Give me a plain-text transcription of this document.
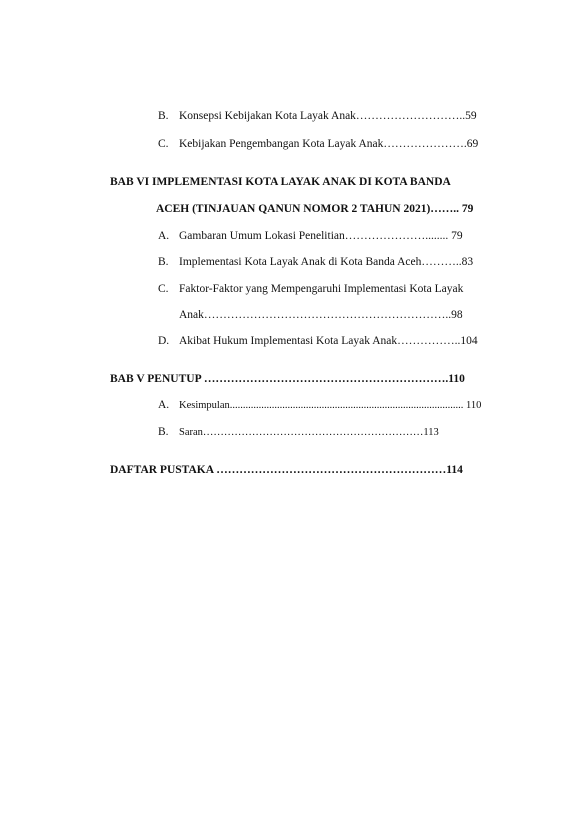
B. Konsepsi Kebijakan Kota Layak Anak………………………..59
C. Kebijakan Pengembangan Kota Layak Anak………………….69
BAB VI IMPLEMENTASI KOTA LAYAK ANAK DI KOTA BANDA
ACEH (TINJAUAN QANUN NOMOR 2 TAHUN 2021)…….. 79
A. Gambaran Umum Lokasi Penelitian…………………........ 79
B. Implementasi Kota Layak Anak di Kota Banda Aceh………..83
C. Faktor-Faktor yang Mempengaruhi Implementasi Kota Layak
Anak………………………………………………………..98
D. Akibat Hukum Implementasi Kota Layak Anak……………..104
BAB V PENUTUP ……………………………………………………….110
A. Kesimpulan......................................................................................... 110
B. Saran………………………………………………………113
DAFTAR PUSTAKA ……………………………………………………114
